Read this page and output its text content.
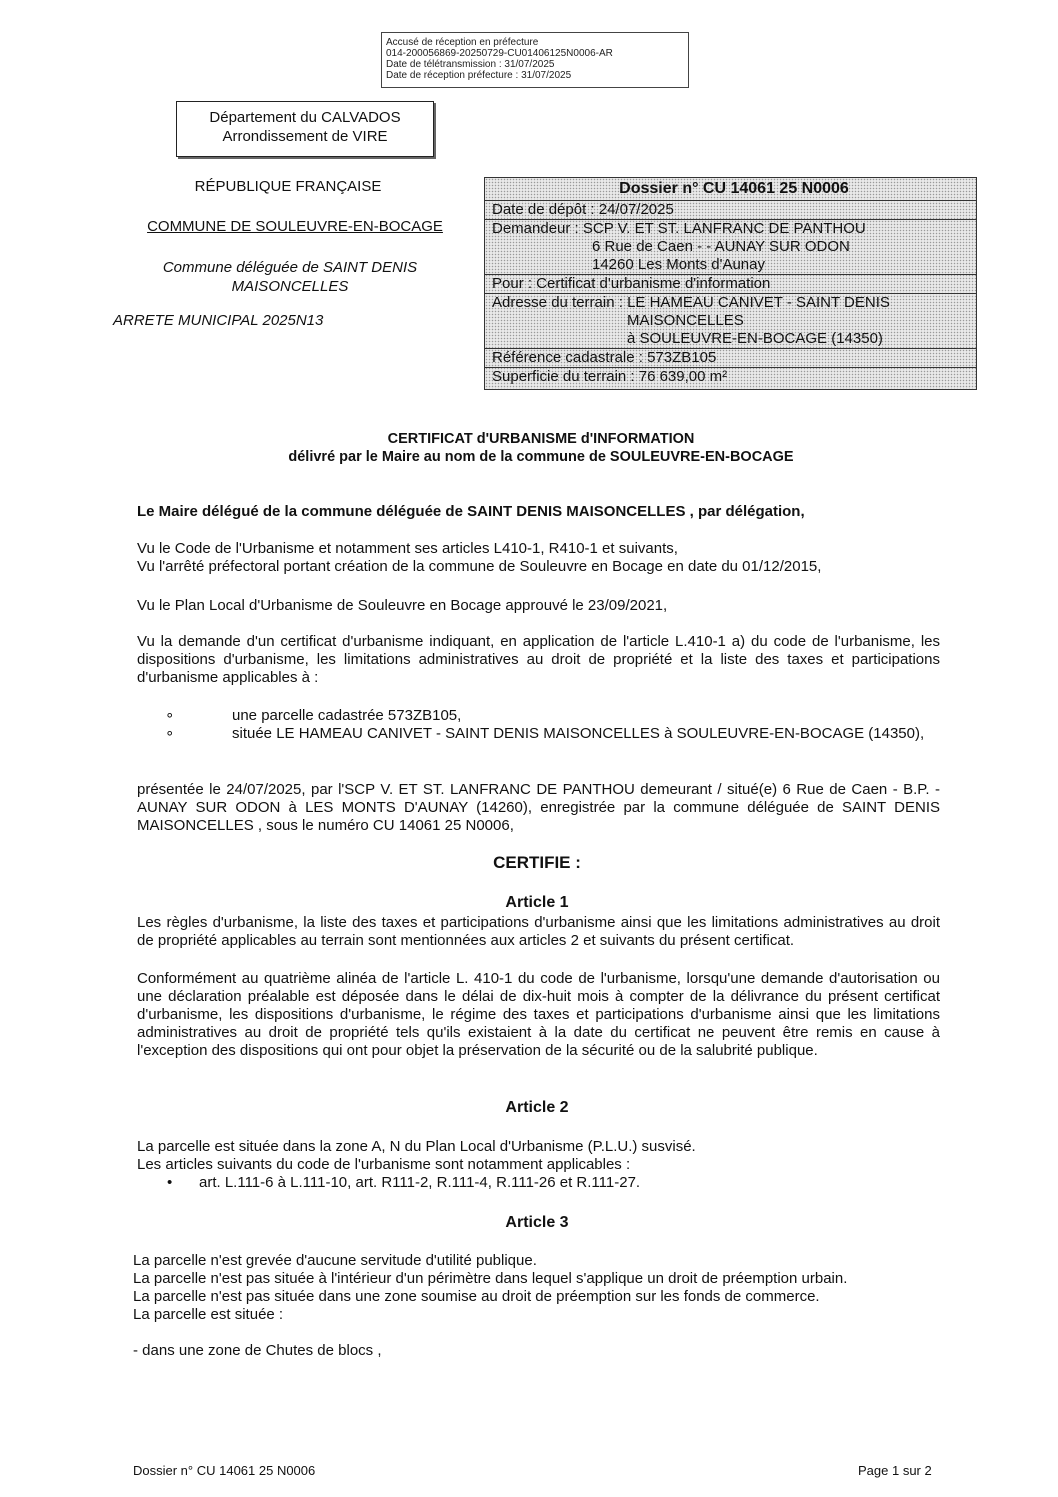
Accusé de réception en préfecture
014-200056869-20250729-CU01406125N0006-AR
Date de télétransmission : 31/07/2025
Date de réception préfecture : 31/07/2025
Département du CALVADOS
Arrondissement de VIRE
RÉPUBLIQUE FRANÇAISE
COMMUNE DE SOULEUVRE-EN-BOCAGE
Commune déléguée de SAINT DENIS
MAISONCELLES
ARRETE MUNICIPAL 2025N13
Dossier n° CU 14061 25 N0006
Date de dépôt : 24/07/2025
Demandeur : SCP V. ET ST. LANFRANC DE PANTHOU
6 Rue de Caen - - AUNAY SUR ODON
14260 Les Monts d'Aunay
Pour : Certificat d'urbanisme d'information
Adresse du terrain : LE HAMEAU CANIVET - SAINT DENIS
MAISONCELLES
à SOULEUVRE-EN-BOCAGE (14350)
Référence cadastrale : 573ZB105
Superficie du terrain : 76 639,00 m²
CERTIFICAT d'URBANISME d'INFORMATION
délivré par le Maire au nom de la commune de SOULEUVRE-EN-BOCAGE
Le Maire délégué de la commune déléguée de SAINT DENIS MAISONCELLES , par délégation,
Vu le Code de l'Urbanisme et notamment ses articles L410-1, R410-1 et suivants,
Vu l'arrêté préfectoral portant création de la commune de Souleuvre en Bocage en date du 01/12/2015,
Vu le Plan Local d'Urbanisme de Souleuvre en Bocage approuvé le 23/09/2021,
Vu la demande d'un certificat d'urbanisme indiquant, en application de l'article L.410-1 a) du code de l'urbanisme, les dispositions d'urbanisme, les limitations administratives au droit de propriété et la liste des taxes et participations d'urbanisme applicables à :
∘	une parcelle cadastrée 573ZB105,
∘	située LE HAMEAU CANIVET - SAINT DENIS MAISONCELLES à SOULEUVRE-EN-BOCAGE (14350),
présentée le 24/07/2025, par l'SCP V. ET ST. LANFRANC DE PANTHOU demeurant / situé(e) 6 Rue de Caen - B.P. - AUNAY SUR ODON à LES MONTS D'AUNAY (14260), enregistrée par la commune déléguée de SAINT DENIS MAISONCELLES , sous le numéro CU 14061 25 N0006,
CERTIFIE :
Article 1
Les règles d'urbanisme, la liste des taxes et participations d'urbanisme ainsi que les limitations administratives au droit de propriété applicables au terrain sont mentionnées aux articles 2 et suivants du présent certificat.
Conformément au quatrième alinéa de l'article L. 410-1 du code de l'urbanisme, lorsqu'une demande d'autorisation ou une déclaration préalable est déposée dans le délai de dix-huit mois à compter de la délivrance du présent certificat d'urbanisme, les dispositions d'urbanisme, le régime des taxes et participations d'urbanisme ainsi que les limitations administratives au droit de propriété tels qu'ils existaient à la date du certificat ne peuvent être remis en cause à l'exception des dispositions qui ont pour objet la préservation de la sécurité ou de la salubrité publique.
Article 2
La parcelle est située dans la zone A, N du Plan Local d'Urbanisme (P.L.U.) susvisé.
Les articles suivants du code de l'urbanisme sont notamment applicables :
• art. L.111-6 à L.111-10, art. R111-2, R.111-4, R.111-26 et R.111-27.
Article 3
La parcelle n'est grevée d'aucune servitude d'utilité publique.
La parcelle n'est pas située à l'intérieur d'un périmètre dans lequel s'applique un droit de préemption urbain.
La parcelle n'est pas située dans une zone soumise au droit de préemption sur les fonds de commerce.
La parcelle est située :
- dans une zone de Chutes de blocs ,
Dossier n° CU 14061 25 N0006	Page 1 sur 2
